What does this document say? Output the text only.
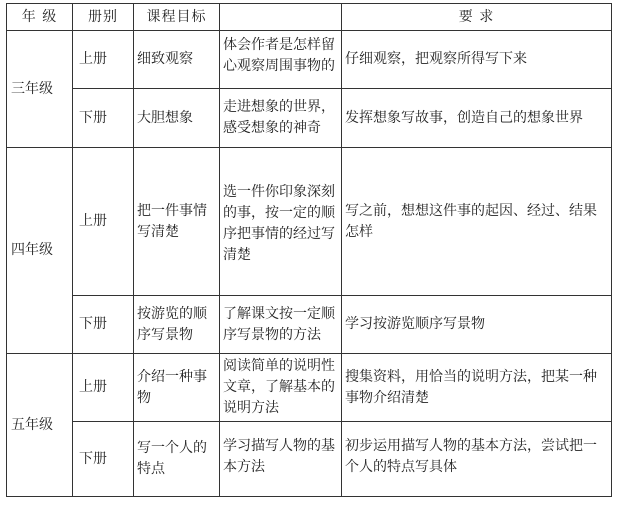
年 级	册别	课程目标		要 求
三年级	上册	细致观察	体会作者是怎样留心观察周围事物的	仔细观察，把观察所得写下来
	下册	大胆想象	走进想象的世界，感受想象的神奇	发挥想象写故事，创造自己的想象世界
四年级	上册	把一件事情写清楚	选一件你印象深刻的事，按一定的顺序把事情的经过写清楚	写之前，想想这件事的起因、经过、结果怎样
	下册	按游览的顺序写景物	了解课文按一定顺序写景物的方法	学习按游览顺序写景物
五年级	上册	介绍一种事物	阅读简单的说明性文章，了解基本的说明方法	搜集资料，用恰当的说明方法，把某一种事物介绍清楚
	下册	写一个人的特点	学习描写人物的基本方法	初步运用描写人物的基本方法，尝试把一个人的特点写具体
